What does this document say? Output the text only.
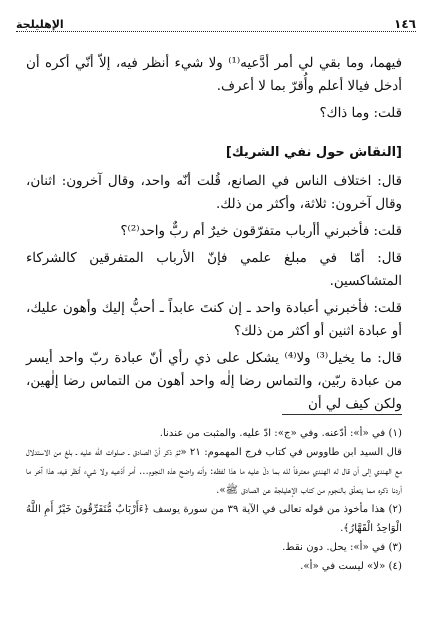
١٤٦
الإهليلجة

فيهما، وما بقي لي أمر أدَّعيه⁽¹⁾ ولا شيء أنظر فيه، إلاّ أنّي أكره أن أدخل فيالا أعلم وأُقرّ بما لا أعرف.

قلت: وما ذاك؟

[النقاش حول نفي الشريك]

قال: اختلاف الناس في الصانع، قُلت أنّه واحد، وقال آخرون: اثنان، وقال آخرون: ثلاثة، وأكثر من ذلك.

قلت: فأخبرني أأرباب متفرّقون خيرٌ أم ربٌّ واحد⁽²⁾؟

قال: أمّا في مبلغ علمي فإنّ الأرباب المتفرقين كالشركاء المتشاكسين.

قلت: فأخبرني أعبادة واحد ـ إن كنتَ عابداً ـ أحبُّ إليك وأهون عليك، أو عبادة اثنين أو أكثر من ذلك؟

قال: ما يخيل⁽³⁾ ولا⁽⁴⁾ يشكل على ذي رأي أنّ عبادة ربّ واحد أيسر من عبادة ربّين، والتماس رضا إلٰه واحد أهون من التماس رضا إلٰهين، ولكن كيف لي أن

(١) في «أ»: أدّعنه. وفي «ج»: ادّ عليه. والمثبت من عندنا.

قال السيد ابن طاووس في كتاب فرج المهموم: ٢١ «ثمّ ذكر أنّ الصادق ـ صلوات الله عليه ـ بلغ من الاستدلال مع الهندي إلى أن قال له الهندي معترفاً لله بما دلّ عليه ما هذا لفظه: وأنه واضح هذه النجوم... أمر أدّعيه ولا شيء أنظر فيه، هذا آخر ما أردنا ذكره مما يتعلّق بالنجوم من كتاب الإهليلجة عن الصادق ﷺ».

(٢) هذا مأخوذ من قوله تعالى في الآية ٣٩ من سورة يوسف ﴿ءَأَرْبَابٌ مُّتَفَرِّقُونَ خَيْرٌ أَمِ اللَّهُ الْوَاحِدُ الْقَهَّارُ﴾.

(٣) في «أ»: يحل. دون نقط.

(٤) «لا» ليست في «أ».
